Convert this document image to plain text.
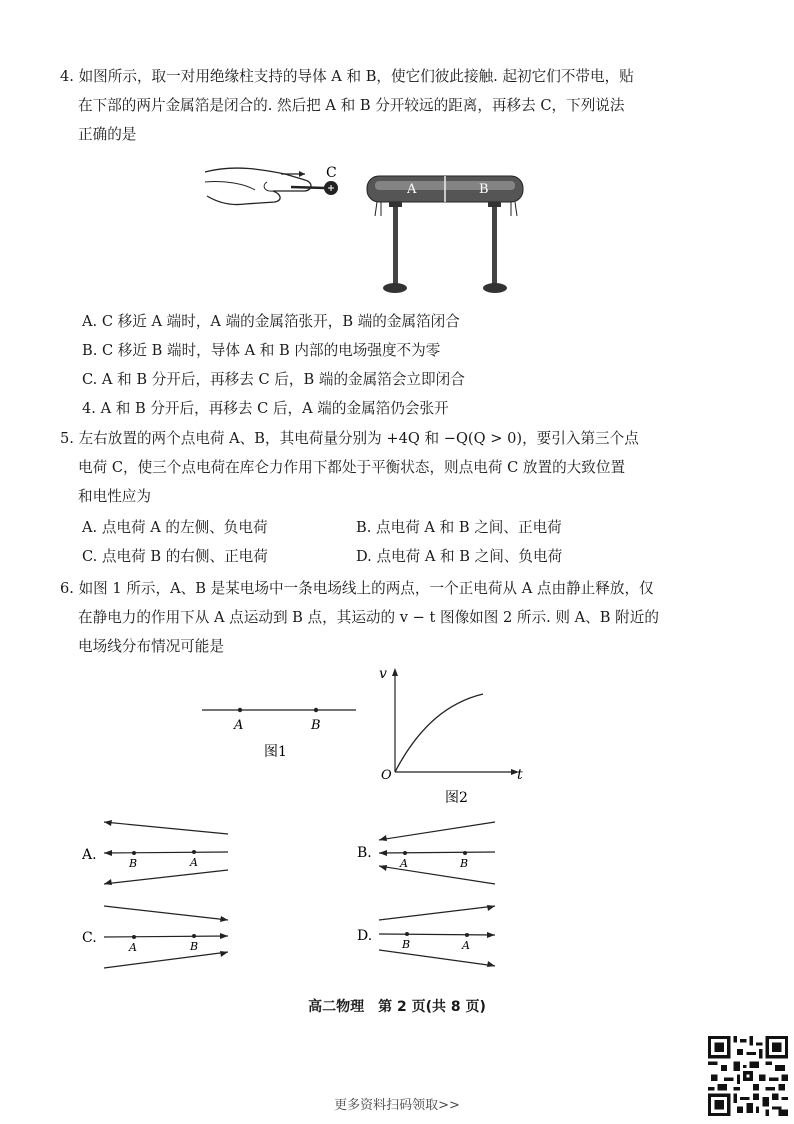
4. 如图所示，取一对用绝缘柱支持的导体 A 和 B，使它们彼此接触. 起初它们不带电，贴
在下部的两片金属箔是闭合的. 然后把 A 和 B 分开较远的距离，再移去 C，下列说法
正确的是
C
A	B
A. C 移近 A 端时，A 端的金属箔张开，B 端的金属箔闭合
B. C 移近 B 端时，导体 A 和 B 内部的电场强度不为零
C. A 和 B 分开后，再移去 C 后，B 端的金属箔会立即闭合
4. A 和 B 分开后，再移去 C 后，A 端的金属箔仍会张开
5. 左右放置的两个点电荷 A、B，其电荷量分别为 +4Q 和 −Q(Q > 0)，要引入第三个点
电荷 C，使三个点电荷在库仑力作用下都处于平衡状态，则点电荷 C 放置的大致位置
和电性应为
A. 点电荷 A 的左侧、负电荷	B. 点电荷 A 和 B 之间、正电荷
C. 点电荷 B 的右侧、正电荷	D. 点电荷 A 和 B 之间、负电荷
6. 如图 1 所示，A、B 是某电场中一条电场线上的两点，一个正电荷从 A 点由静止释放，仅
在静电力的作用下从 A 点运动到 B 点，其运动的 v − t 图像如图 2 所示. 则 A、B 附近的
电场线分布情况可能是
A	B
图1
v
O	t
图2
A.
B	A
B.
A	B
C.
A	B
D.
B	A
高二物理　第 2 页(共 8 页)
更多资料扫码领取>>
